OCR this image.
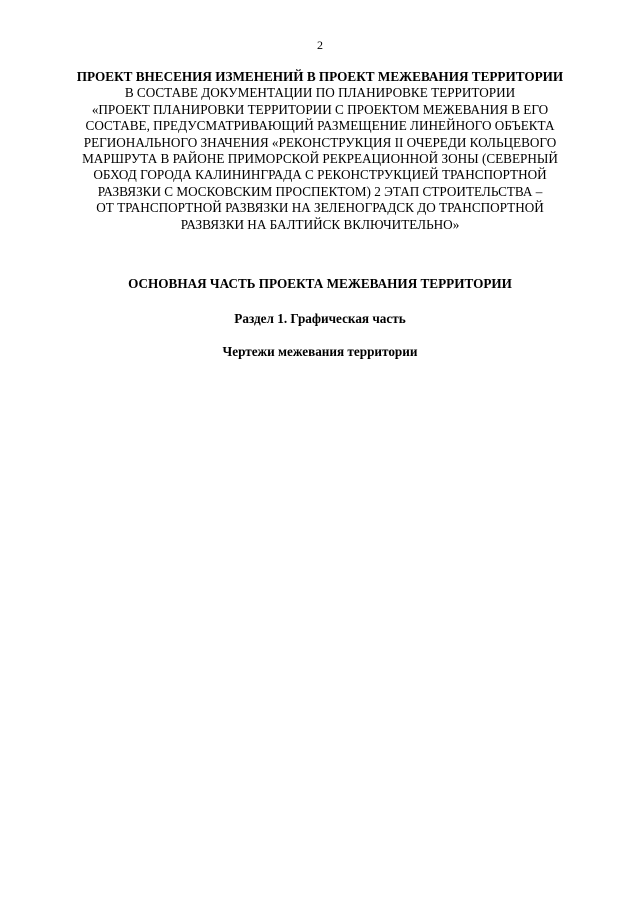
2
ПРОЕКТ ВНЕСЕНИЯ ИЗМЕНЕНИЙ В ПРОЕКТ МЕЖЕВАНИЯ ТЕРРИТОРИИ
В СОСТАВЕ ДОКУМЕНТАЦИИ ПО ПЛАНИРОВКЕ ТЕРРИТОРИИ
«ПРОЕКТ ПЛАНИРОВКИ ТЕРРИТОРИИ С ПРОЕКТОМ МЕЖЕВАНИЯ В ЕГО
СОСТАВЕ, ПРЕДУСМАТРИВАЮЩИЙ РАЗМЕЩЕНИЕ ЛИНЕЙНОГО ОБЪЕКТА
РЕГИОНАЛЬНОГО ЗНАЧЕНИЯ «РЕКОНСТРУКЦИЯ II ОЧЕРЕДИ КОЛЬЦЕВОГО
МАРШРУТА В РАЙОНЕ ПРИМОРСКОЙ РЕКРЕАЦИОННОЙ ЗОНЫ (СЕВЕРНЫЙ
ОБХОД ГОРОДА КАЛИНИНГРАДА С РЕКОНСТРУКЦИЕЙ ТРАНСПОРТНОЙ
РАЗВЯЗКИ С МОСКОВСКИМ ПРОСПЕКТОМ) 2 ЭТАП СТРОИТЕЛЬСТВА –
ОТ ТРАНСПОРТНОЙ РАЗВЯЗКИ НА ЗЕЛЕНОГРАДСК ДО ТРАНСПОРТНОЙ
РАЗВЯЗКИ НА БАЛТИЙСК ВКЛЮЧИТЕЛЬНО»
ОСНОВНАЯ ЧАСТЬ ПРОЕКТА МЕЖЕВАНИЯ ТЕРРИТОРИИ
Раздел 1. Графическая часть
Чертежи межевания территории
